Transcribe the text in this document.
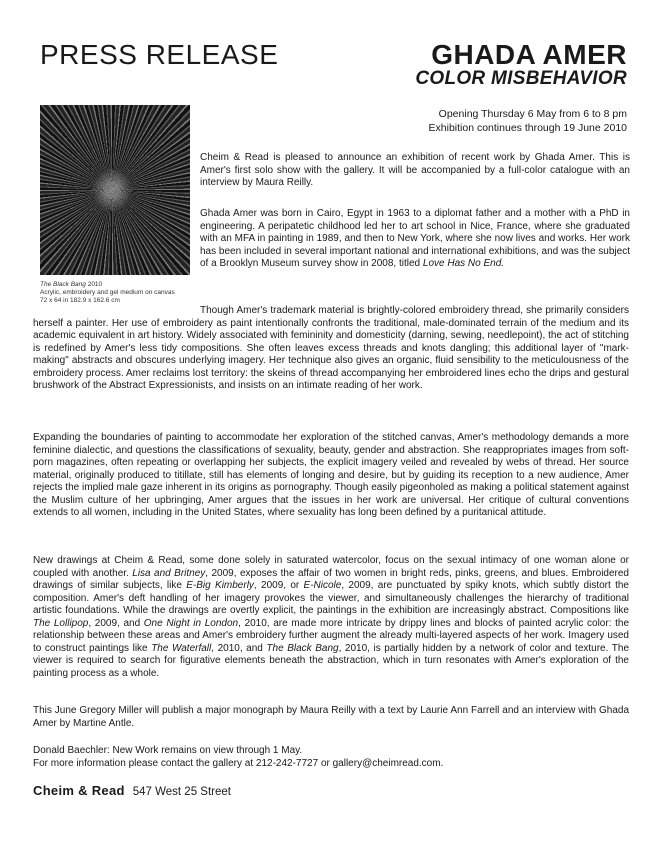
PRESS RELEASE	GHADA AMER
COLOR MISBEHAVIOR
Opening Thursday 6 May from 6 to 8 pm
Exhibition continues through 19 June 2010
The Black Bang 2010
Acrylic, embroidery and gel medium on canvas
72 x 64 in 182.9 x 162.6 cm

Cheim & Read is pleased to announce an exhibition of recent work by Ghada Amer. This is Amer's first solo show with the gallery. It will be accompanied by a full-color catalogue with an interview by Maura Reilly.

Ghada Amer was born in Cairo, Egypt in 1963 to a diplomat father and a mother with a PhD in engineering. A peripatetic childhood led her to art school in Nice, France, where she graduated with an MFA in painting in 1989, and then to New York, where she now lives and works. Her work has been included in several important national and international exhibitions, and was the subject of a Brooklyn Museum survey show in 2008, titled Love Has No End.

Though Amer's trademark material is brightly-colored embroidery thread, she primarily considers herself a painter. Her use of embroidery as paint intentionally confronts the traditional, male-dominated terrain of the medium and its academic equivalent in art history. Widely associated with femininity and domesticity (darning, sewing, needlepoint), the act of stitching is redefined by Amer's less tidy compositions. She often leaves excess threads and knots dangling; this additional layer of "mark-making" abstracts and obscures underlying imagery. Her technique also gives an organic, fluid sensibility to the meticulousness of the embroidery process. Amer reclaims lost territory: the skeins of thread accompanying her embroidered lines echo the drips and gestural brushwork of the Abstract Expressionists, and insists on an intimate reading of her work.

Expanding the boundaries of painting to accommodate her exploration of the stitched canvas, Amer's methodology demands a more feminine dialectic, and questions the classifications of sexuality, beauty, gender and abstraction. She reappropriates images from soft-porn magazines, often repeating or overlapping her subjects, the explicit imagery veiled and revealed by webs of thread. Her source material, originally produced to titillate, still has elements of longing and desire, but by guiding its reception to a new audience, Amer rejects the implied male gaze inherent in its origins as pornography. Though easily pigeonholed as making a political statement against the Muslim culture of her upbringing, Amer argues that the issues in her work are universal. Her critique of cultural conventions extends to all women, including in the United States, where sexuality has long been defined by a puritanical attitude.

New drawings at Cheim & Read, some done solely in saturated watercolor, focus on the sexual intimacy of one woman alone or coupled with another. Lisa and Britney, 2009, exposes the affair of two women in bright reds, pinks, greens, and blues. Embroidered drawings of similar subjects, like E-Big Kimberly, 2009, or E-Nicole, 2009, are punctuated by spiky knots, which subtly distort the composition. Amer's deft handling of her imagery provokes the viewer, and simultaneously challenges the hierarchy of traditional artistic foundations. While the drawings are overtly explicit, the paintings in the exhibition are increasingly abstract. Compositions like The Lollipop, 2009, and One Night in London, 2010, are made more intricate by drippy lines and blocks of painted acrylic color: the relationship between these areas and Amer's embroidery further augment the already multi-layered aspects of her work. Imagery used to construct paintings like The Waterfall, 2010, and The Black Bang, 2010, is partially hidden by a network of color and texture. The viewer is required to search for figurative elements beneath the abstraction, which in turn resonates with Amer's exploration of the painting process as a whole.

This June Gregory Miller will publish a major monograph by Maura Reilly with a text by Laurie Ann Farrell and an interview with Ghada Amer by Martine Antle.

Donald Baechler: New Work remains on view through 1 May.

For more information please contact the gallery at 212-242-7727 or gallery@cheimread.com.

Cheim & Read 547 West 25 Street
